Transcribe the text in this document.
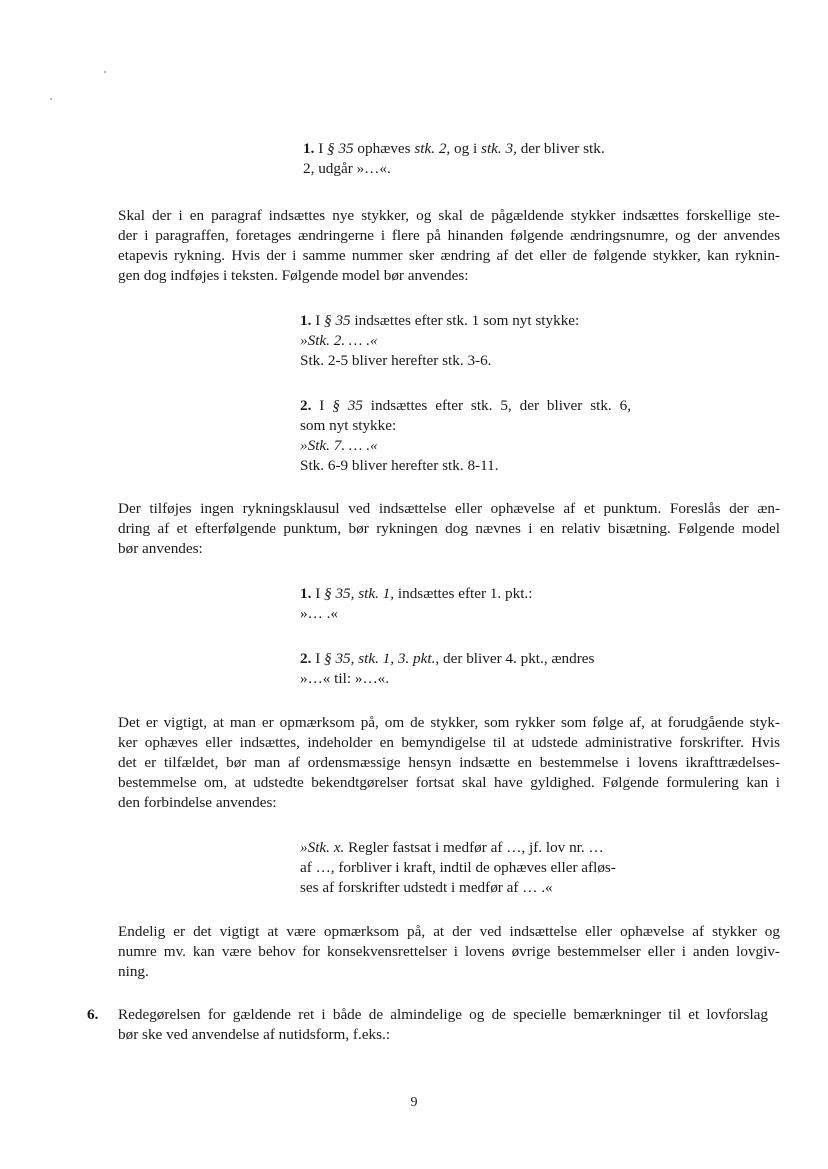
1. I § 35 ophæves stk. 2, og i stk. 3, der bliver stk.
2, udgår »…«.
Skal der i en paragraf indsættes nye stykker, og skal de pågældende stykker indsættes forskellige ste-
der i paragraffen, foretages ændringerne i flere på hinanden følgende ændringsnumre, og der anvendes
etapevis rykning. Hvis der i samme nummer sker ændring af det eller de følgende stykker, kan ryknin-
gen dog indføjes i teksten. Følgende model bør anvendes:
1. I § 35 indsættes efter stk. 1 som nyt stykke:
»Stk. 2. … .«
Stk. 2-5 bliver herefter stk. 3-6.
2. I § 35 indsættes efter stk. 5, der bliver stk. 6,
som nyt stykke:
»Stk. 7. … .«
Stk. 6-9 bliver herefter stk. 8-11.
Der tilføjes ingen rykningsklausul ved indsættelse eller ophævelse af et punktum. Foreslås der æn-
dring af et efterfølgende punktum, bør rykningen dog nævnes i en relativ bisætning. Følgende model
bør anvendes:
1. I § 35, stk. 1, indsættes efter 1. pkt.:
»… .«
2. I § 35, stk. 1, 3. pkt., der bliver 4. pkt., ændres
»…« til: »…«.
Det er vigtigt, at man er opmærksom på, om de stykker, som rykker som følge af, at forudgående styk-
ker ophæves eller indsættes, indeholder en bemyndigelse til at udstede administrative forskrifter. Hvis
det er tilfældet, bør man af ordensmæssige hensyn indsætte en bestemmelse i lovens ikrafttrædelses-
bestemmelse om, at udstedte bekendtgørelser fortsat skal have gyldighed. Følgende formulering kan i
den forbindelse anvendes:
»Stk. x. Regler fastsat i medfør af …, jf. lov nr. …
af …, forbliver i kraft, indtil de ophæves eller afløs-
ses af forskrifter udstedt i medfør af … .«
Endelig er det vigtigt at være opmærksom på, at der ved indsættelse eller ophævelse af stykker og
numre mv. kan være behov for konsekvensrettelser i lovens øvrige bestemmelser eller i anden lovgiv-
ning.
6. Redegørelsen for gældende ret i både de almindelige og de specielle bemærkninger til et lovforslag
bør ske ved anvendelse af nutidsform, f.eks.:
9
